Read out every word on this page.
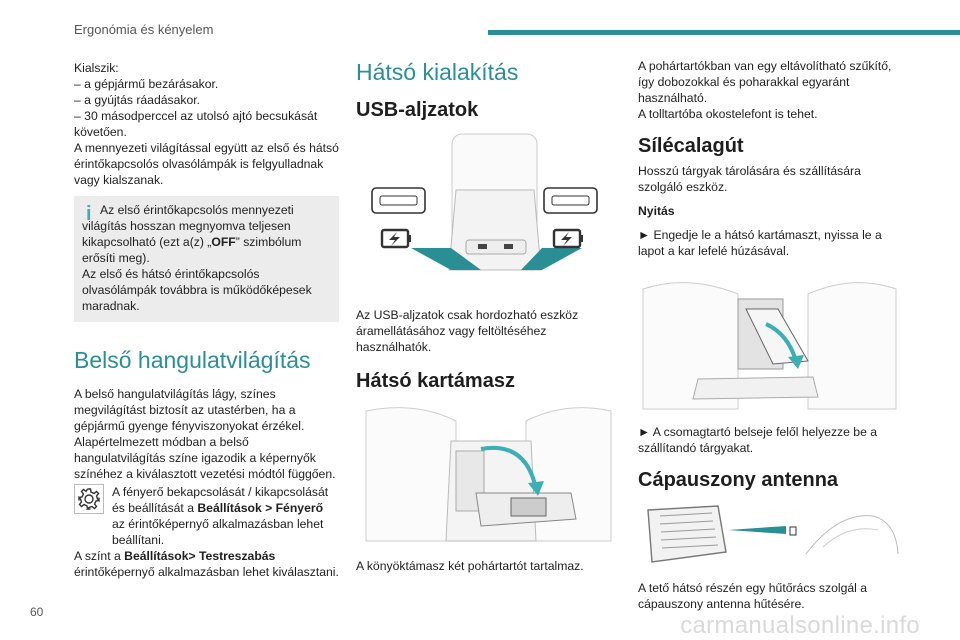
Ergonómia és kényelem
60	carmanualsonline.info

Kialszik:
– a gépjármű bezárásakor.
– a gyújtás ráadásakor.
– 30 másodperccel az utolsó ajtó becsukását követően.
A mennyezeti világítással együtt az első és hátsó érintőkapcsolós olvasólámpák is felgyulladnak vagy kialszanak.

i Az első érintőkapcsolós mennyezeti világítás hosszan megnyomva teljesen kikapcsolható (ezt a(z) „OFF” szimbólum erősíti meg).
Az első és hátsó érintőkapcsolós olvasólámpák továbbra is működőképesek maradnak.

Belső hangulatvilágítás

A belső hangulatvilágítás lágy, színes megvilágítást biztosít az utastérben, ha a gépjármű gyenge fényviszonyokat érzékel. Alapértelmezett módban a belső hangulatvilágítás színe igazodik a képernyők színéhez a kiválasztott vezetési módtól függően.

A fényerő bekapcsolását / kikapcsolását és beállítását a Beállítások > Fényerő az érintőképernyő alkalmazásban lehet beállítani.

A színt a Beállítások> Testreszabás érintőképernyő alkalmazásban lehet kiválasztani.

Hátsó kialakítás
USB-aljzatok

Az USB-aljzatok csak hordozható eszköz áramellátásához vagy feltöltéséhez használhatók.

Hátsó kartámasz

A könyöktámasz két pohártartót tartalmaz.

A pohártartókban van egy eltávolítható szűkítő, így dobozokkal és poharakkal egyaránt használható.
A tolltartóba okostelefont is tehet.

Sílécalagút

Hosszú tárgyak tárolására és szállítására szolgáló eszköz.

Nyitás

► Engedje le a hátsó kartámaszt, nyissa le a lapot a kar lefelé húzásával.

► A csomagtartó belseje felől helyezze be a szállítandó tárgyakat.

Cápauszony antenna

A tető hátsó részén egy hűtőrács szolgál a cápauszony antenna hűtésére.
